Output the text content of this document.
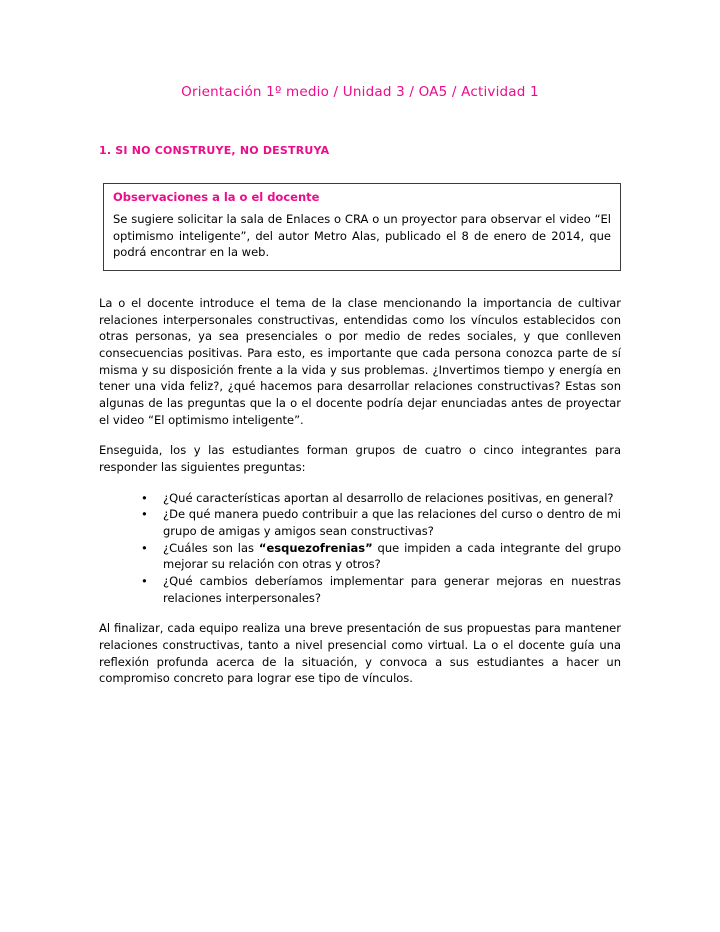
Orientación 1º medio / Unidad 3 / OA5 / Actividad 1
1. SI NO CONSTRUYE, NO DESTRUYA

Observaciones a la o el docente

Se sugiere solicitar la sala de Enlaces o CRA o un proyector para observar el video “El optimismo inteligente”, del autor Metro Alas, publicado el 8 de enero de 2014, que podrá encontrar en la web.

La o el docente introduce el tema de la clase mencionando la importancia de cultivar relaciones interpersonales constructivas, entendidas como los vínculos establecidos con otras personas, ya sea presenciales o por medio de redes sociales, y que conlleven consecuencias positivas. Para esto, es importante que cada persona conozca parte de sí misma y su disposición frente a la vida y sus problemas. ¿Invertimos tiempo y energía en tener una vida feliz?, ¿qué hacemos para desarrollar relaciones constructivas? Estas son algunas de las preguntas que la o el docente podría dejar enunciadas antes de proyectar el video “El optimismo inteligente”.

Enseguida, los y las estudiantes forman grupos de cuatro o cinco integrantes para responder las siguientes preguntas:

• ¿Qué características aportan al desarrollo de relaciones positivas, en general?
• ¿De qué manera puedo contribuir a que las relaciones del curso o dentro de mi grupo de amigas y amigos sean constructivas?
• ¿Cuáles son las “esquezofrenias” que impiden a cada integrante del grupo mejorar su relación con otras y otros?
• ¿Qué cambios deberíamos implementar para generar mejoras en nuestras relaciones interpersonales?

Al finalizar, cada equipo realiza una breve presentación de sus propuestas para mantener relaciones constructivas, tanto a nivel presencial como virtual. La o el docente guía una reflexión profunda acerca de la situación, y convoca a sus estudiantes a hacer un compromiso concreto para lograr ese tipo de vínculos.
